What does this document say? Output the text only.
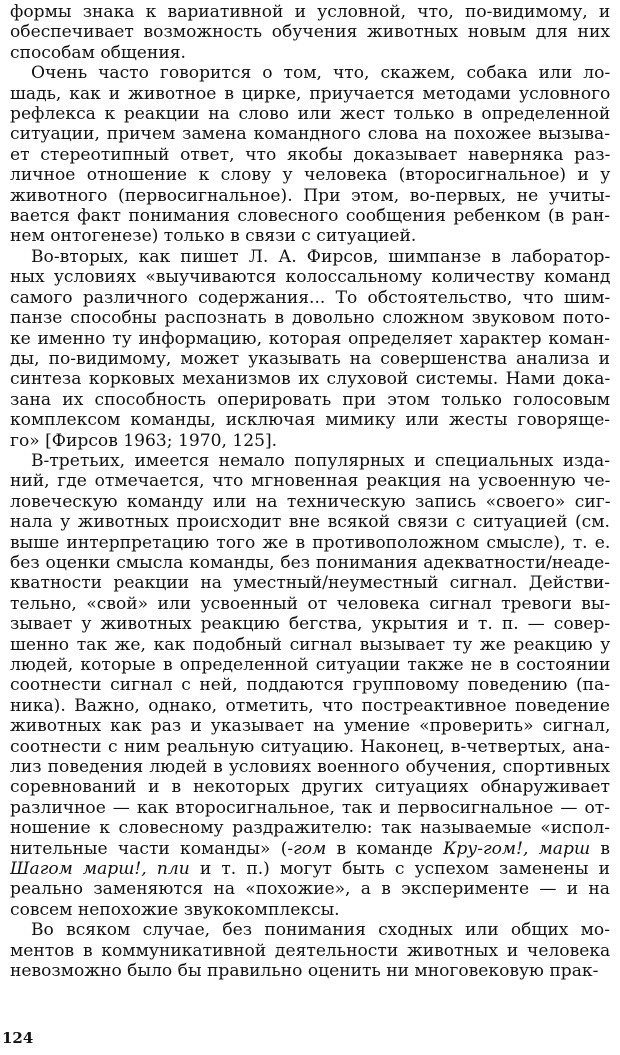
формы знака к вариативной и условной, что, по-видимому, и
обеспечивает возможность обучения животных новым для них
способам общения.
Очень часто говорится о том, что, скажем, собака или ло-
шадь, как и животное в цирке, приучается методами условного
рефлекса к реакции на слово или жест только в определенной
ситуации, причем замена командного слова на похожее вызыва-
ет стереотипный ответ, что якобы доказывает наверняка раз-
личное отношение к слову у человека (второсигнальное) и у
животного (первосигнальное). При этом, во-первых, не учиты-
вается факт понимания словесного сообщения ребенком (в ран-
нем онтогенезе) только в связи с ситуацией.
Во-вторых, как пишет Л. А. Фирсов, шимпанзе в лаборатор-
ных условиях «выучиваются колоссальному количеству команд
самого различного содержания... То обстоятельство, что шим-
панзе способны распознать в довольно сложном звуковом пото-
ке именно ту информацию, которая определяет характер коман-
ды, по-видимому, может указывать на совершенства анализа и
синтеза корковых механизмов их слуховой системы. Нами дока-
зана их способность оперировать при этом только голосовым
комплексом команды, исключая мимику или жесты говоряще-
го» [Фирсов 1963; 1970, 125].
В-третьих, имеется немало популярных и специальных изда-
ний, где отмечается, что мгновенная реакция на усвоенную че-
ловеческую команду или на техническую запись «своего» сиг-
нала у животных происходит вне всякой связи с ситуацией (см.
выше интерпретацию того же в противоположном смысле), т. е.
без оценки смысла команды, без понимания адекватности/неаде-
кватности реакции на уместный/неуместный сигнал. Действи-
тельно, «свой» или усвоенный от человека сигнал тревоги вы-
зывает у животных реакцию бегства, укрытия и т. п. — совер-
шенно так же, как подобный сигнал вызывает ту же реакцию у
людей, которые в определенной ситуации также не в состоянии
соотнести сигнал с ней, поддаются групповому поведению (па-
ника). Важно, однако, отметить, что постреактивное поведение
животных как раз и указывает на умение «проверить» сигнал,
соотнести с ним реальную ситуацию. Наконец, в-четвертых, ана-
лиз поведения людей в условиях военного обучения, спортивных
соревнований и в некоторых других ситуациях обнаруживает
различное — как второсигнальное, так и первосигнальное — от-
ношение к словесному раздражителю: так называемые «испол-
нительные части команды» (-гом в команде Кру-гом!, марш в
Шагом марш!, пли и т. п.) могут быть с успехом заменены и
реально заменяются на «похожие», а в эксперименте — и на
совсем непохожие звукокомплексы.
Во всяком случае, без понимания сходных или общих мо-
ментов в коммуникативной деятельности животных и человека
невозможно было бы правильно оценить ни многовековую прак-
124
